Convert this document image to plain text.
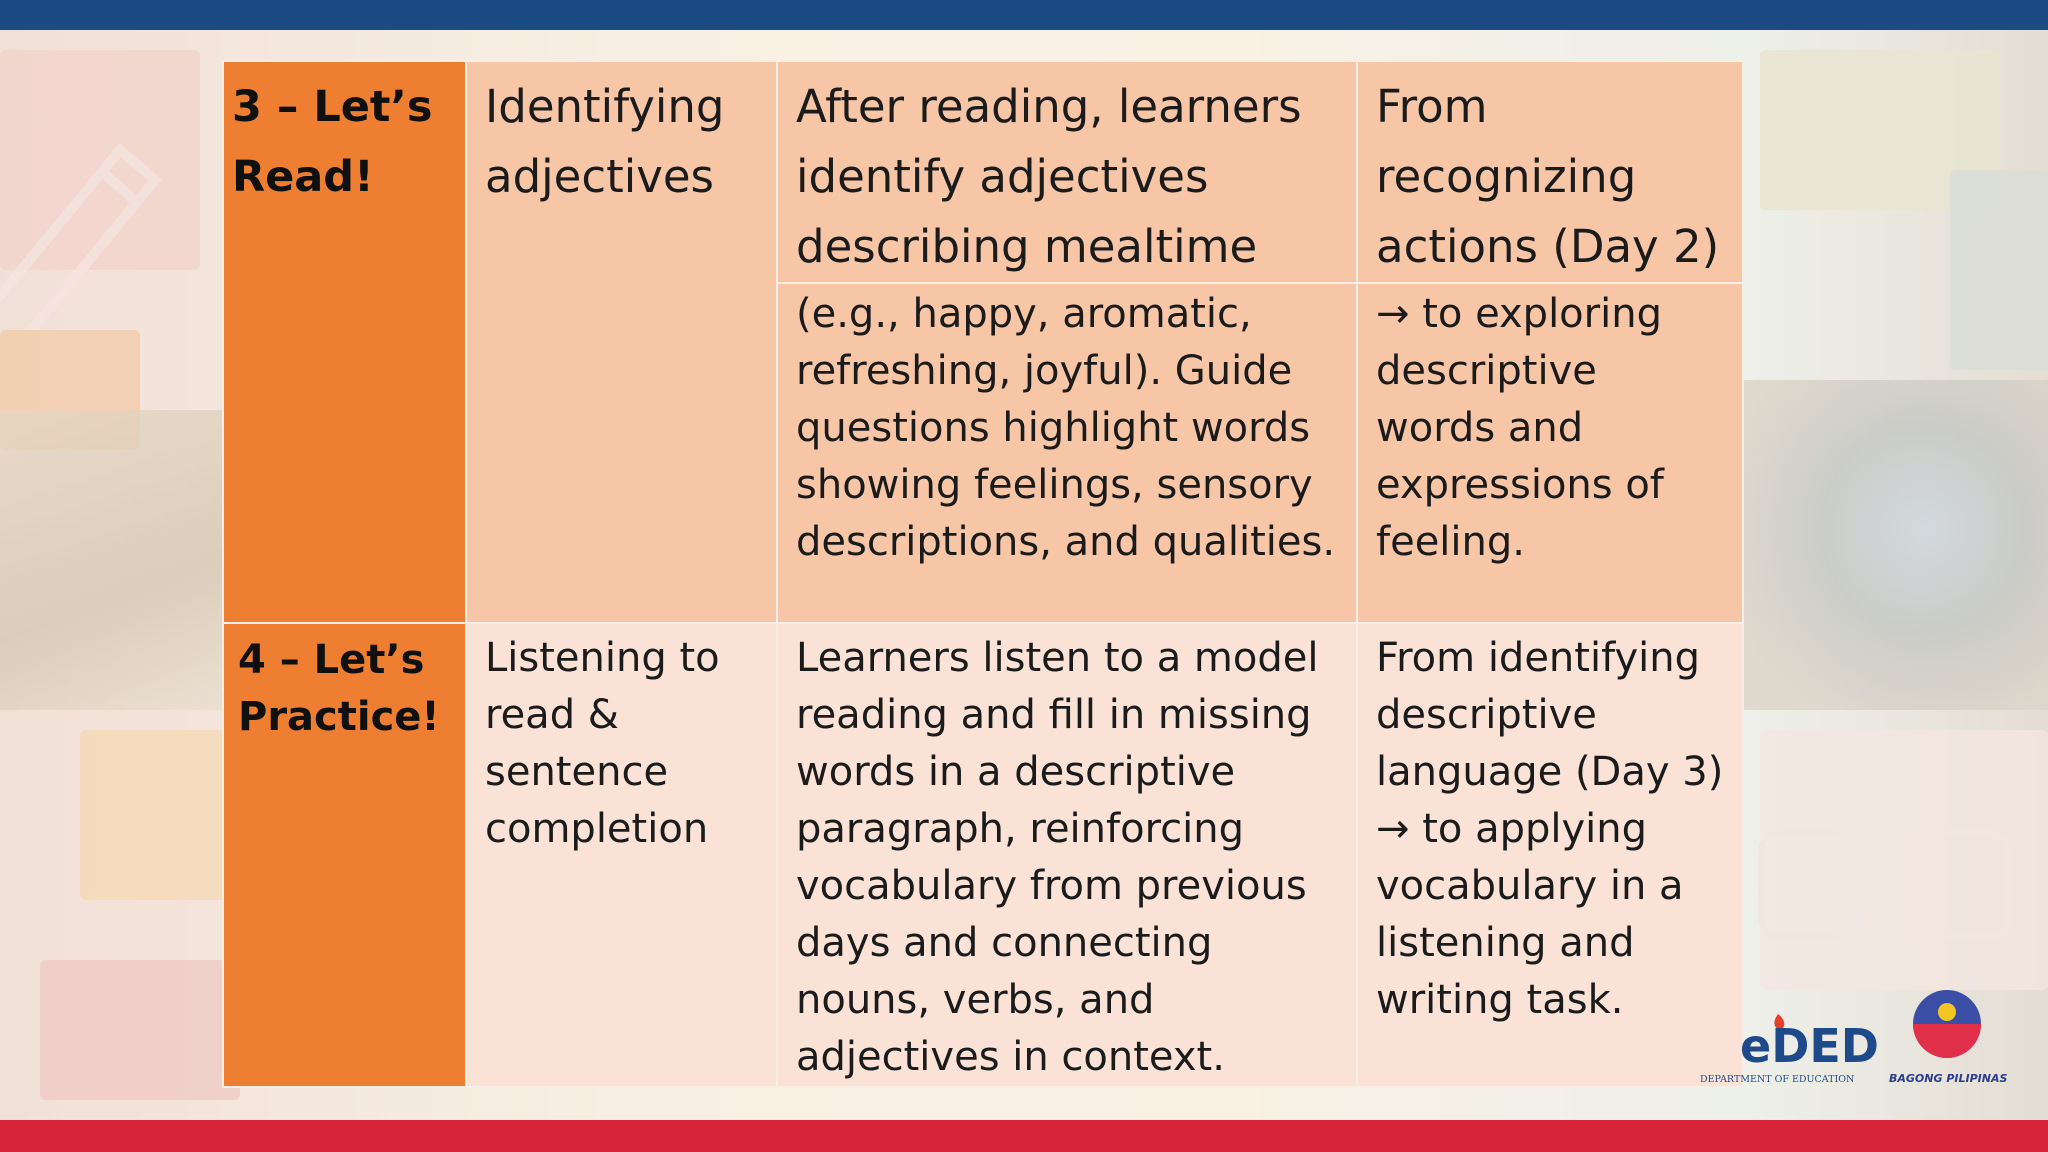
3 – Let’s Read!	Identifying adjectives	After reading, learners identify adjectives describing mealtime	From recognizing actions (Day 2)

		(e.g., happy, aromatic, refreshing, joyful). Guide questions highlight words showing feelings, sensory descriptions, and qualities.	→ to exploring descriptive words and expressions of feeling.

4 – Let’s Practice!	Listening to read & sentence completion	Learners listen to a model reading and fill in missing words in a descriptive paragraph, reinforcing vocabulary from previous days and connecting nouns, verbs, and adjectives in context.	From identifying descriptive language (Day 3) → to applying vocabulary in a listening and writing task.
eDED
DEPARTMENT OF EDUCATION	BAGONG PILIPINAS
